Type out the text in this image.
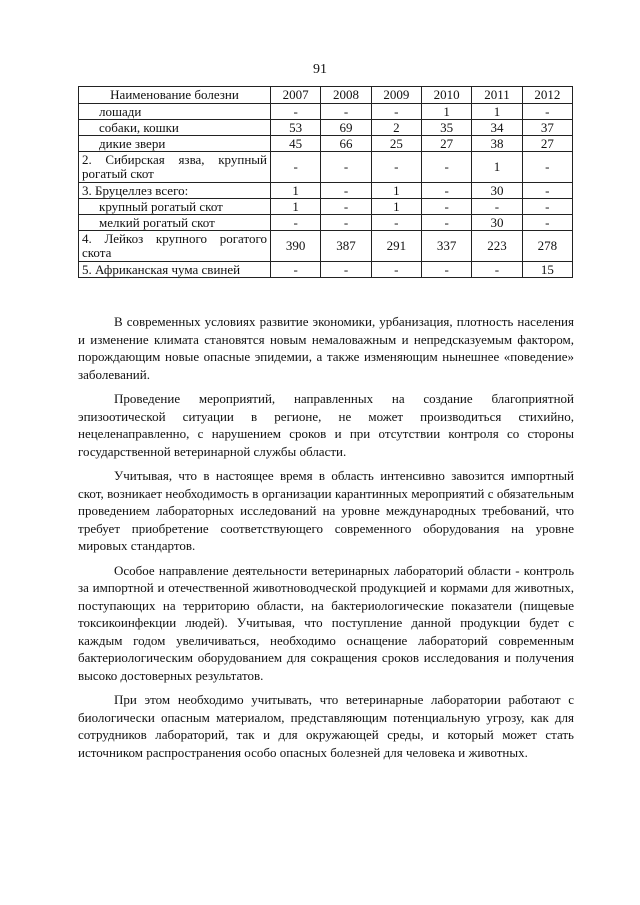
91
Наименование болезни	2007	2008	2009	2010	2011	2012
лошади	-	-	-	1	1	-
собаки, кошки	53	69	2	35	34	37
дикие звери	45	66	25	27	38	27
2. Сибирская язва, крупный рогатый скот	-	-	-	-	1	-
3. Бруцеллез всего:	1	-	1	-	30	-
крупный рогатый скот	1	-	1	-	-	-
мелкий рогатый скот	-	-	-	-	30	-
4. Лейкоз крупного рогатого скота	390	387	291	337	223	278
5. Африканская чума свиней	-	-	-	-	-	15

В современных условиях развитие экономики, урбанизация, плотность населения и изменение климата становятся новым немаловажным и непредсказуемым фактором, порождающим новые опасные эпидемии, а также изменяющим нынешнее «поведение» заболеваний.

Проведение мероприятий, направленных на создание благоприятной эпизоотической ситуации в регионе, не может производиться стихийно, нецеленаправленно, с нарушением сроков и при отсутствии контроля со стороны государственной ветеринарной службы области.

Учитывая, что в настоящее время в область интенсивно завозится импортный скот, возникает необходимость в организации карантинных мероприятий с обязательным проведением лабораторных исследований на уровне международных требований, что требует приобретение соответствующего современного оборудования на уровне мировых стандартов.

Особое направление деятельности ветеринарных лабораторий области - контроль за импортной и отечественной животноводческой продукцией и кормами для животных, поступающих на территорию области, на бактериологические показатели (пищевые токсикоинфекции людей). Учитывая, что поступление данной продукции будет с каждым годом увеличиваться, необходимо оснащение лабораторий современным бактериологическим оборудованием для сокращения сроков исследования и получения высоко достоверных результатов.

При этом необходимо учитывать, что ветеринарные лаборатории работают с биологически опасным материалом, представляющим потенциальную угрозу, как для сотрудников лабораторий, так и для окружающей среды, и который может стать источником распространения особо опасных болезней для человека и животных.
